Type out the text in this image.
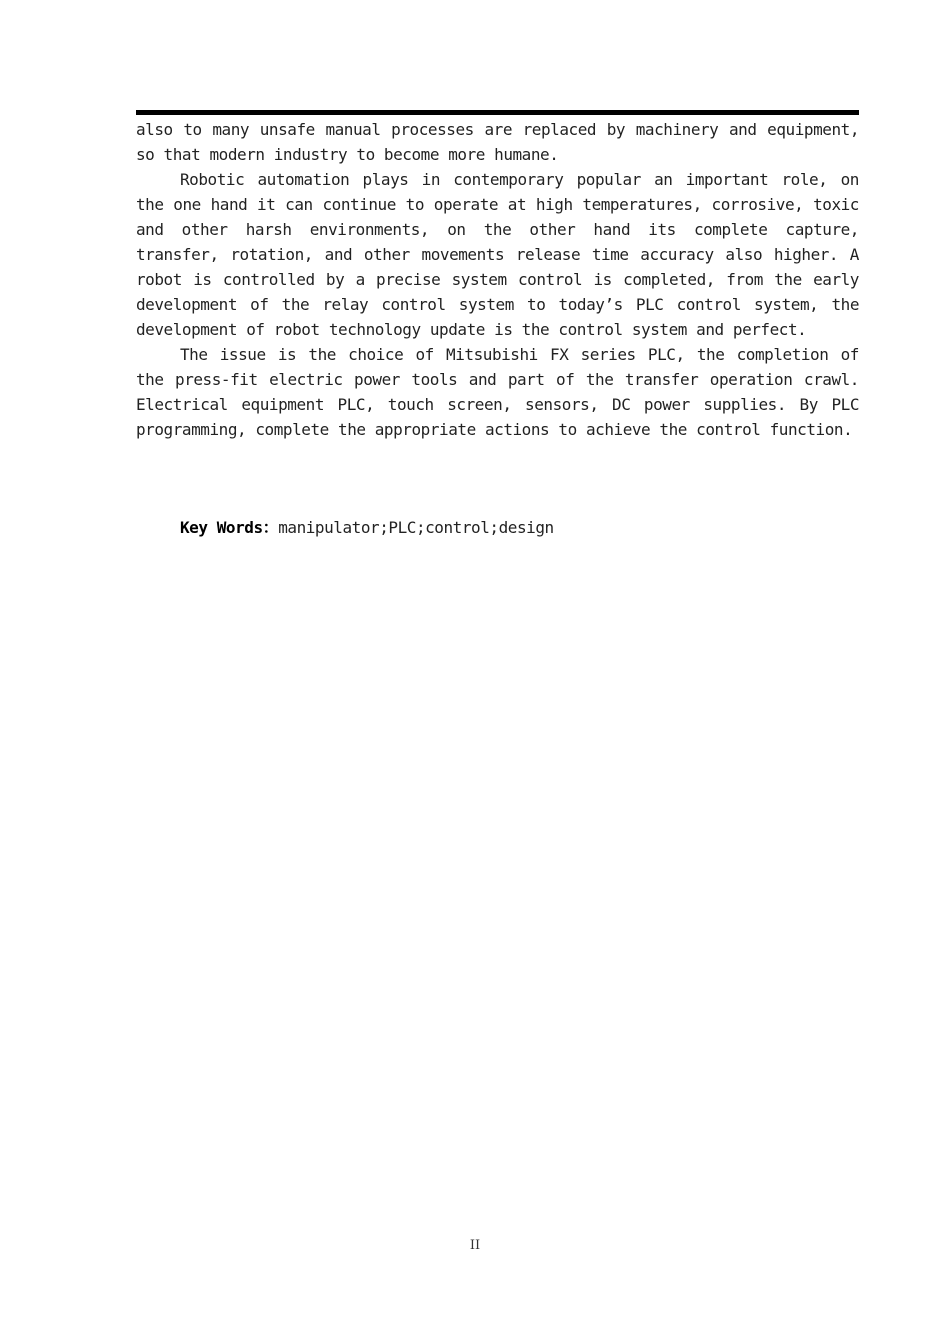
also to many unsafe manual processes are replaced by machinery and equipment, so that modern industry to become more humane.

Robotic automation plays in contemporary popular an important role, on the one hand it can continue to operate at high temperatures, corrosive, toxic and other harsh environments, on the other hand its complete capture, transfer, rotation, and other movements release time accuracy also higher. A robot is controlled by a precise system control is completed, from the early development of the relay control system to today’s PLC control system, the development of robot technology update is the control system and perfect.

The issue is the choice of Mitsubishi FX series PLC, the completion of the press-fit electric power tools and part of the transfer operation crawl. Electrical equipment PLC, touch screen, sensors, DC power supplies. By PLC programming, complete the appropriate actions to achieve the control function.

Key Words：manipulator;PLC;control;design
II
